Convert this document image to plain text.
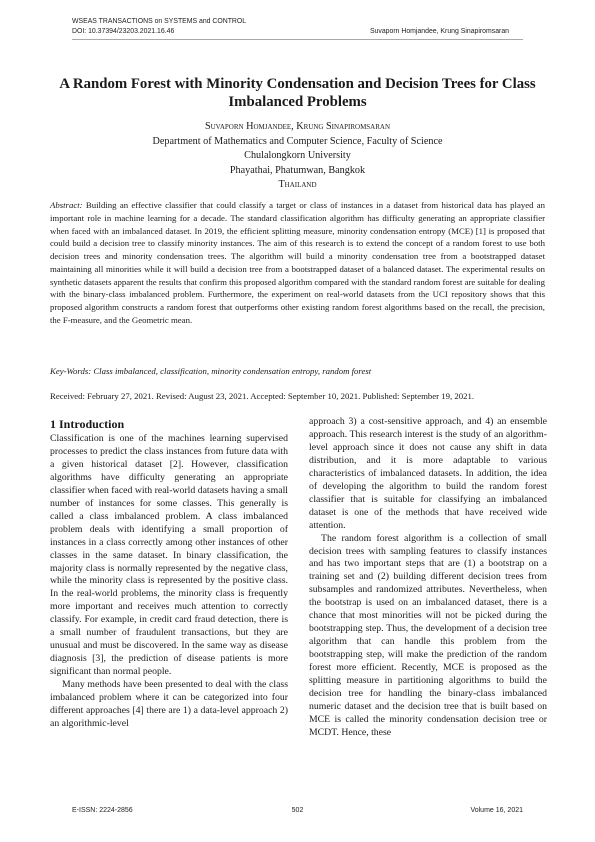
WSEAS TRANSACTIONS on SYSTEMS and CONTROL
DOI: 10.37394/23203.2021.16.46	Suvaporn Homjandee, Krung Sinapiromsaran
A Random Forest with Minority Condensation and Decision Trees for Class Imbalanced Problems
Suvaporn Homjandee, Krung Sinapiromsaran
Department of Mathematics and Computer Science, Faculty of Science
Chulalongkorn University
Phayathai, Phatumwan, Bangkok
Thailand

Abstract: Building an effective classifier that could classify a target or class of instances in a dataset from historical data has played an important role in machine learning for a decade. The standard classification algorithm has difficulty generating an appropriate classifier when faced with an imbalanced dataset. In 2019, the efficient splitting measure, minority condensation entropy (MCE) [1] is proposed that could build a decision tree to classify minority instances. The aim of this research is to extend the concept of a random forest to use both decision trees and minority condensation trees. The algorithm will build a minority condensation tree from a bootstrapped dataset maintaining all minorities while it will build a decision tree from a bootstrapped dataset of a balanced dataset. The experimental results on synthetic datasets apparent the results that confirm this proposed algorithm compared with the standard random forest are suitable for dealing with the binary-class imbalanced problem. Furthermore, the experiment on real-world datasets from the UCI repository shows that this proposed algorithm constructs a random forest that outperforms other existing random forest algorithms based on the recall, the precision, the F-measure, and the Geometric mean.

Key-Words: Class imbalanced, classification, minority condensation entropy, random forest

Received: February 27, 2021. Revised: August 23, 2021. Accepted: September 10, 2021. Published: September 19, 2021.

1 Introduction

Classification is one of the machines learning supervised processes to predict the class instances from future data with a given historical dataset [2]. However, classification algorithms have difficulty generating an appropriate classifier when faced with real-world datasets having a small number of instances for some classes. This generally is called a class imbalanced problem. A class imbalanced problem deals with identifying a small proportion of instances in a class correctly among other instances of other classes in the same dataset. In binary classification, the majority class is normally represented by the negative class, while the minority class is represented by the positive class. In the real-world problems, the minority class is frequently more important and receives much attention to correctly classify. For example, in credit card fraud detection, there is a small number of fraudulent transactions, but they are unusual and must be discovered. In the same way as disease diagnosis [3], the prediction of disease patients is more significant than normal people.

Many methods have been presented to deal with the class imbalanced problem where it can be categorized into four different approaches [4] there are 1) a data-level approach 2) an algorithmic-level

approach 3) a cost-sensitive approach, and 4) an ensemble approach. This research interest is the study of an algorithm-level approach since it does not cause any shift in data distribution, and it is more adaptable to various characteristics of imbalanced datasets. In addition, the idea of developing the algorithm to build the random forest classifier that is suitable for classifying an imbalanced dataset is one of the methods that have received wide attention.

The random forest algorithm is a collection of small decision trees with sampling features to classify instances and has two important steps that are (1) a bootstrap on a training set and (2) building different decision trees from subsamples and randomized attributes. Nevertheless, when the bootstrap is used on an imbalanced dataset, there is a chance that most minorities will not be picked during the bootstrapping step. Thus, the development of a decision tree algorithm that can handle this problem from the bootstrapping step, will make the prediction of the random forest more efficient. Recently, MCE is proposed as the splitting measure in partitioning algorithms to build the decision tree for handling the binary-class imbalanced numeric dataset and the decision tree that is built based on MCE is called the minority condensation decision tree or MCDT. Hence, these

E-ISSN: 2224-2856	502	Volume 16, 2021
